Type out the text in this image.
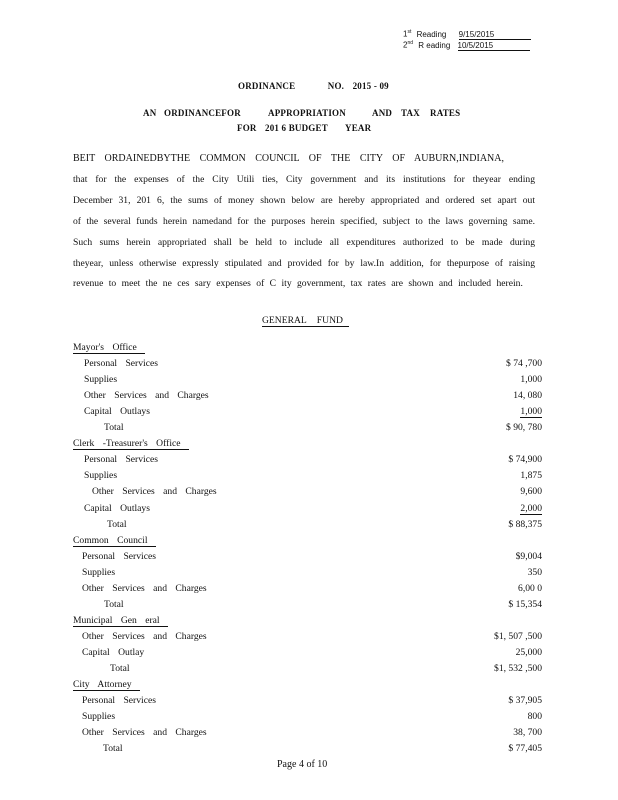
1st Reading 9/15/2015
2nd R eading 10/5/2015
ORDINANCE	NO. 2015 - 09
AN ORDINANCEFOR	APPROPRIATION	AND TAX RATES
FOR 201 6 BUDGET YEAR

BEIT ORDAINEDBYTHE COMMON COUNCIL OF THE CITY OF AUBURN,INDIANA,

that for the expenses of the City Utili ties, City government and its institutions for theyear ending December 31, 201 6, the sums of money shown below are hereby appropriated and ordered set apart out of the several funds herein namedand for the purposes herein specified, subject to the laws governing same. Such sums herein appropriated shall be held to include all expenditures authorized to be made during theyear, unless otherwise expressly stipulated and provided for by law.In addition, for thepurpose of raising revenue to meet the ne ces sary expenses of C ity government, tax rates are shown and included herein.

GENERAL FUND
Mayor's Office
Personal Services	$ 74 ,700
Supplies	1,000
Other Services and Charges	14, 080
Capital Outlays	1,000
Total	$ 90, 780
Clerk -Treasurer's Office
Personal Services	$ 74,900
Supplies	1,875
Other Services and Charges	9,600
Capital Outlays	2,000
Total	$ 88,375
Common Council
Personal Services	$9,004
Supplies	350
Other Services and Charges	6,00 0
Total	$ 15,354
Municipal Gen eral
Other Services and Charges	$1, 507 ,500
Capital Outlay	25,000
Total	$1, 532 ,500
City Attorney
Personal Services	$ 37,905
Supplies	800
Other Services and Charges	38, 700
Total	$ 77,405
Page 4 of 10
